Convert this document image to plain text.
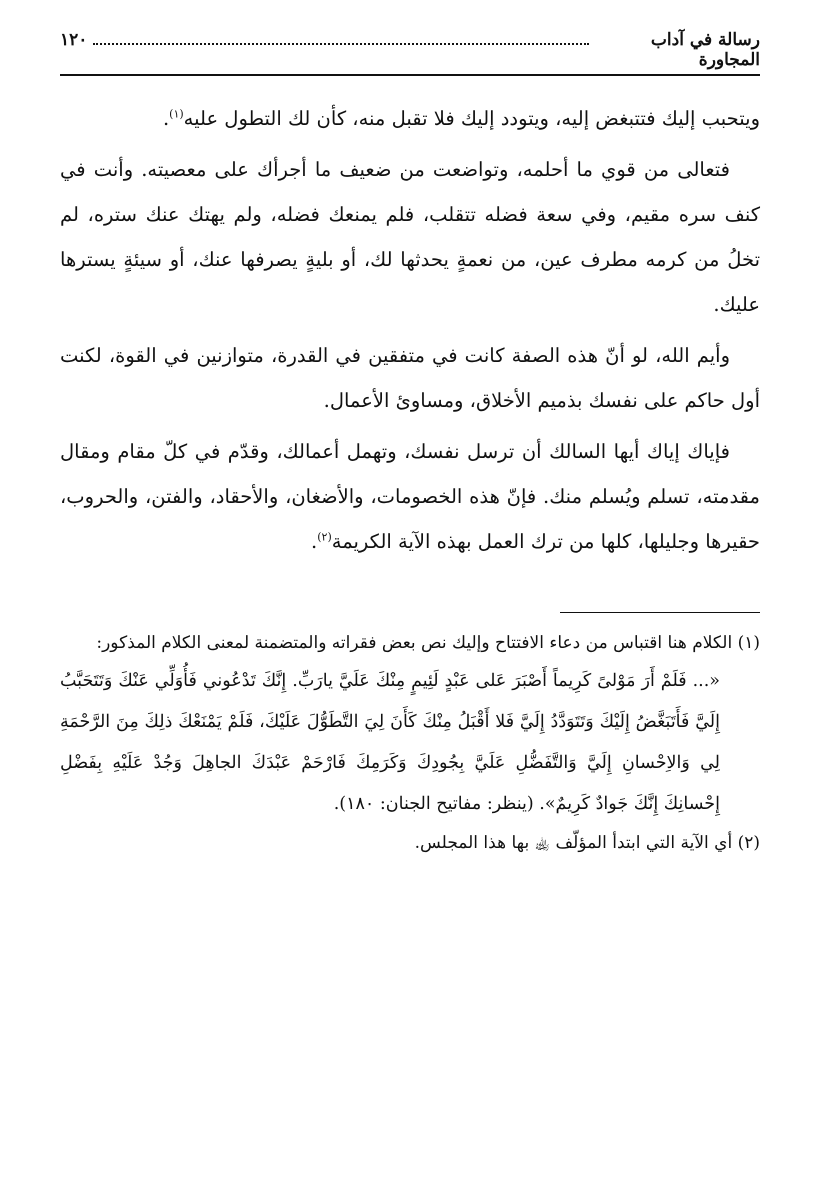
رسالة في آداب المجاورة
١٢٠

ويتحبب إليك فتتبغض إليه، ويتودد إليك فلا تقبل منه، كأن لك التطول عليه$^{(١)}$.

فتعالى من قوي ما أحلمه، وتواضعت من ضعيف ما أجرأك على معصيته. وأنت في كنف سره مقيم، وفي سعة فضله تتقلب، فلم يمنعك فضله، ولم يهتك عنك ستره، لم تخلُ من كرمه مطرف عين، من نعمةٍ يحدثها لك، أو بليةٍ يصرفها عنك، أو سيئةٍ يسترها عليك.

وأيم الله، لو أنّ هذه الصفة كانت في متفقين في القدرة، متوازنين في القوة، لكنت أول حاكم على نفسك بذميم الأخلاق، ومساوئ الأعمال.

فإياك إياك أيها السالك أن ترسل نفسك، وتهمل أعمالك، وقدّم في كلّ مقام ومقال مقدمته، تسلم ويُسلم منك. فإنّ هذه الخصومات، والأضغان، والأحقاد، والفتن، والحروب، حقيرها وجليلها، كلها من ترك العمل بهذه الآية الكريمة$^{(٢)}$.

(١) الكلام هنا اقتباس من دعاء الافتتاح وإليك نص بعض فقراته والمتضمنة لمعنى الكلام المذكور:

«... فَلَمْ أَرَ مَوْلىً كَرِيماً أَصْبَرَ عَلى عَبْدٍ لَئِيمٍ مِنْكَ عَلَيَّ يارَبِّ. إِنَّكَ تَدْعُوني فَأُوَلِّي عَنْكَ وَتَتَحَبَّبُ إِلَيَّ فَأَتَبَغَّضُ إِلَيْكَ وَتَتَوَدَّدُ إِلَيَّ فَلا أَقْبَلُ مِنْكَ كَأَنَ لِيَ التَّطَوُّلَ عَلَيْكَ، فَلَمْ يَمْنَعْكَ ذلِكَ مِنَ الرَّحْمَةِ لِي وَالاِحْسانِ إِلَيَّ وَالتَّفَضُّلِ عَلَيَّ بِجُودِكَ وَكَرَمِكَ فَارْحَمْ عَبْدَكَ الجاهِلَ وَجُدْ عَلَيْهِ بِفَضْلِ إِحْسانِكَ إِنَّكَ جَوادٌ كَرِيمٌ». (ينظر: مفاتيح الجنان: ١٨٠).

(٢) أي الآية التي ابتدأ المؤلّف ﵀ بها هذا المجلس.
